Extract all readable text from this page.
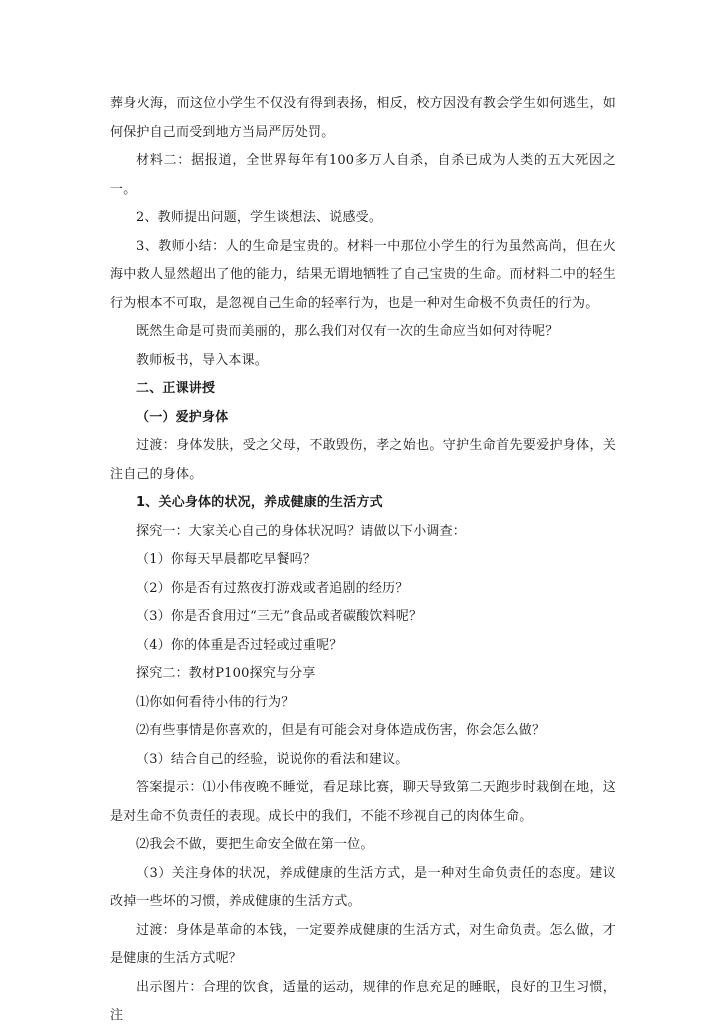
葬身火海，而这位小学生不仅没有得到表扬，相反，校方因没有教会学生如何逃生，如何保护自己而受到地方当局严厉处罚。

材料二：据报道，全世界每年有100多万人自杀，自杀已成为人类的五大死因之一。

2、教师提出问题，学生谈想法、说感受。

3、教师小结：人的生命是宝贵的。材料一中那位小学生的行为虽然高尚，但在火海中救人显然超出了他的能力，结果无谓地牺牲了自己宝贵的生命。而材料二中的轻生行为根本不可取，是忽视自己生命的轻率行为，也是一种对生命极不负责任的行为。

既然生命是可贵而美丽的，那么我们对仅有一次的生命应当如何对待呢？

教师板书，导入本课。

二、正课讲授

（一）爱护身体

过渡：身体发肤，受之父母，不敢毁伤，孝之始也。守护生命首先要爱护身体，关注自己的身体。

1、关心身体的状况，养成健康的生活方式

探究一：大家关心自己的身体状况吗？请做以下小调查：

（1）你每天早晨都吃早餐吗？

（2）你是否有过熬夜打游戏或者追剧的经历？

（3）你是否食用过“三无”食品或者碳酸饮料呢？

（4）你的体重是否过轻或过重呢？

探究二：教材P100探究与分享

⑴你如何看待小伟的行为？

⑵有些事情是你喜欢的，但是有可能会对身体造成伤害，你会怎么做？

（3）结合自己的经验，说说你的看法和建议。

答案提示：⑴小伟夜晚不睡觉，看足球比赛，聊天导致第二天跑步时栽倒在地，这是对生命不负责任的表现。成长中的我们，不能不珍视自己的肉体生命。

⑵我会不做，要把生命安全做在第一位。

（3）关注身体的状况，养成健康的生活方式，是一种对生命负责任的态度。建议改掉一些坏的习惯，养成健康的生活方式。

过渡：身体是革命的本钱，一定要养成健康的生活方式，对生命负责。怎么做，才是健康的生活方式呢？

出示图片：合理的饮食，适量的运动，规律的作息充足的睡眠，良好的卫生习惯，注
